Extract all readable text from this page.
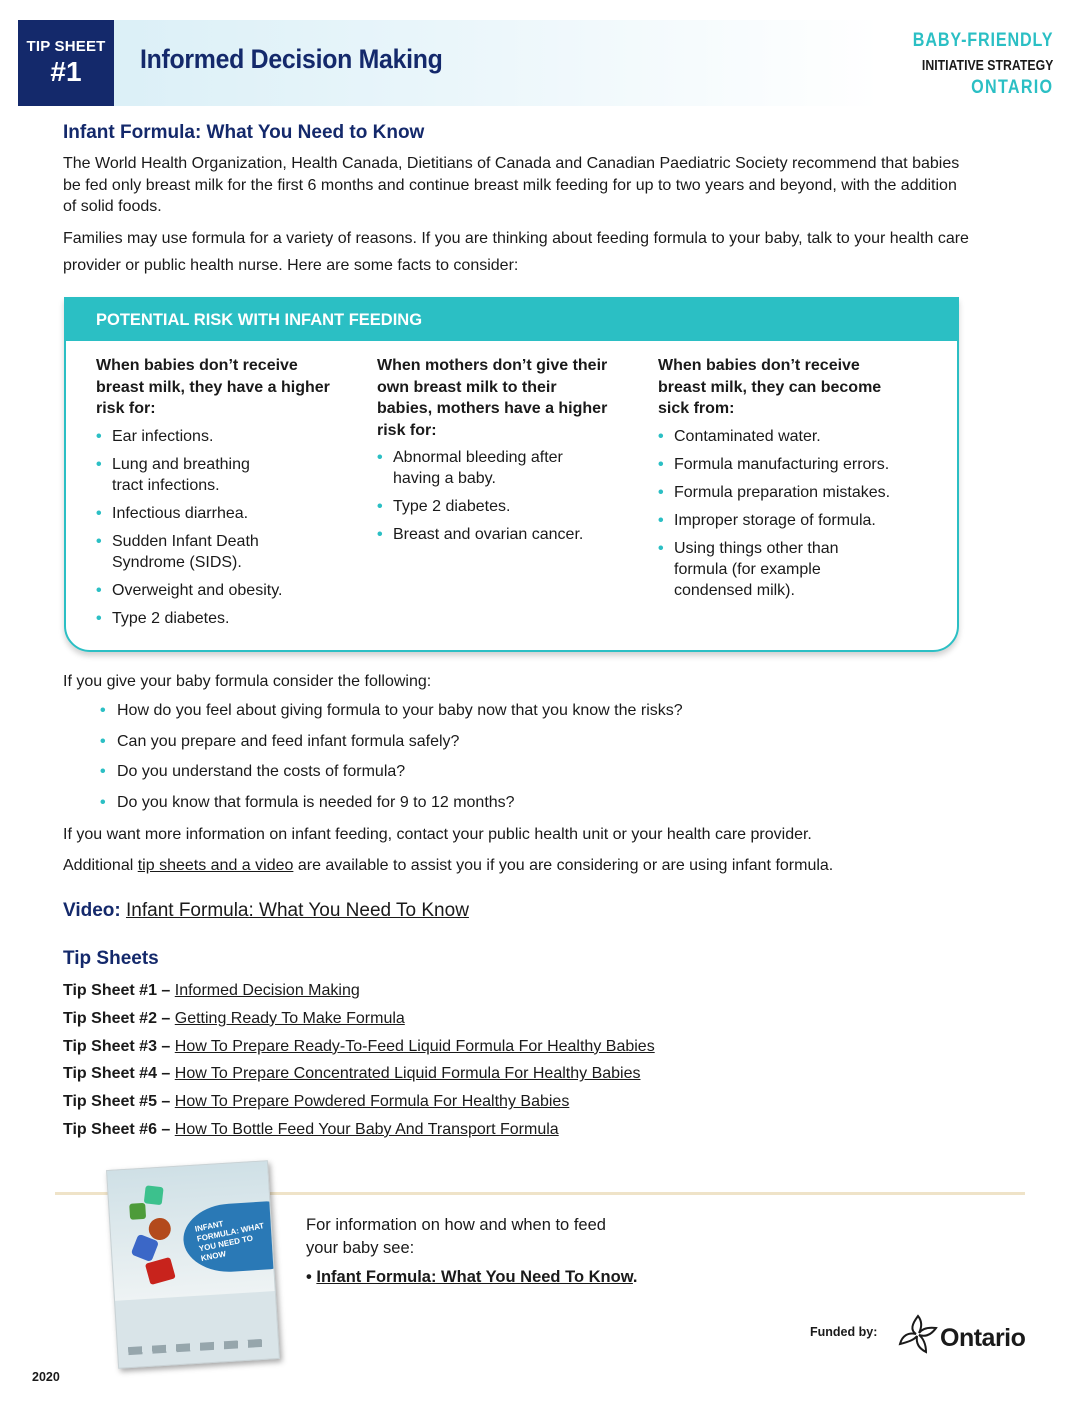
TIP SHEET
#1	Informed Decision Making
BABY-FRIENDLY
INITIATIVE STRATEGY
ONTARIO
Infant Formula: What You Need to Know
The World Health Organization, Health Canada, Dietitians of Canada and Canadian Paediatric Society recommend that babies be fed only breast milk for the first 6 months and continue breast milk feeding for up to two years and beyond, with the addition of solid foods.
Families may use formula for a variety of reasons. If you are thinking about feeding formula to your baby, talk to your health care provider or public health nurse. Here are some facts to consider:
POTENTIAL RISK WITH INFANT FEEDING
When babies don’t receive breast milk, they have a higher risk for:
• Ear infections.
• Lung and breathing tract infections.
• Infectious diarrhea.
• Sudden Infant Death Syndrome (SIDS).
• Overweight and obesity.
• Type 2 diabetes.
When mothers don’t give their own breast milk to their babies, mothers have a higher risk for:
• Abnormal bleeding after having a baby.
• Type 2 diabetes.
• Breast and ovarian cancer.
When babies don’t receive breast milk, they can become sick from:
• Contaminated water.
• Formula manufacturing errors.
• Formula preparation mistakes.
• Improper storage of formula.
• Using things other than formula (for example condensed milk).
If you give your baby formula consider the following:
• How do you feel about giving formula to your baby now that you know the risks?
• Can you prepare and feed infant formula safely?
• Do you understand the costs of formula?
• Do you know that formula is needed for 9 to 12 months?
If you want more information on infant feeding, contact your public health unit or your health care provider.
Additional tip sheets and a video are available to assist you if you are considering or are using infant formula.
Video: Infant Formula: What You Need To Know
Tip Sheets
Tip Sheet #1 – Informed Decision Making
Tip Sheet #2 – Getting Ready To Make Formula
Tip Sheet #3 – How To Prepare Ready-To-Feed Liquid Formula For Healthy Babies
Tip Sheet #4 – How To Prepare Concentrated Liquid Formula For Healthy Babies
Tip Sheet #5 – How To Prepare Powdered Formula For Healthy Babies
Tip Sheet #6 – How To Bottle Feed Your Baby And Transport Formula
INFANT FORMULA: WHAT YOU NEED TO KNOW
For information on how and when to feed
your baby see:
• Infant Formula: What You Need To Know.
Funded by:	Ontario
2020
